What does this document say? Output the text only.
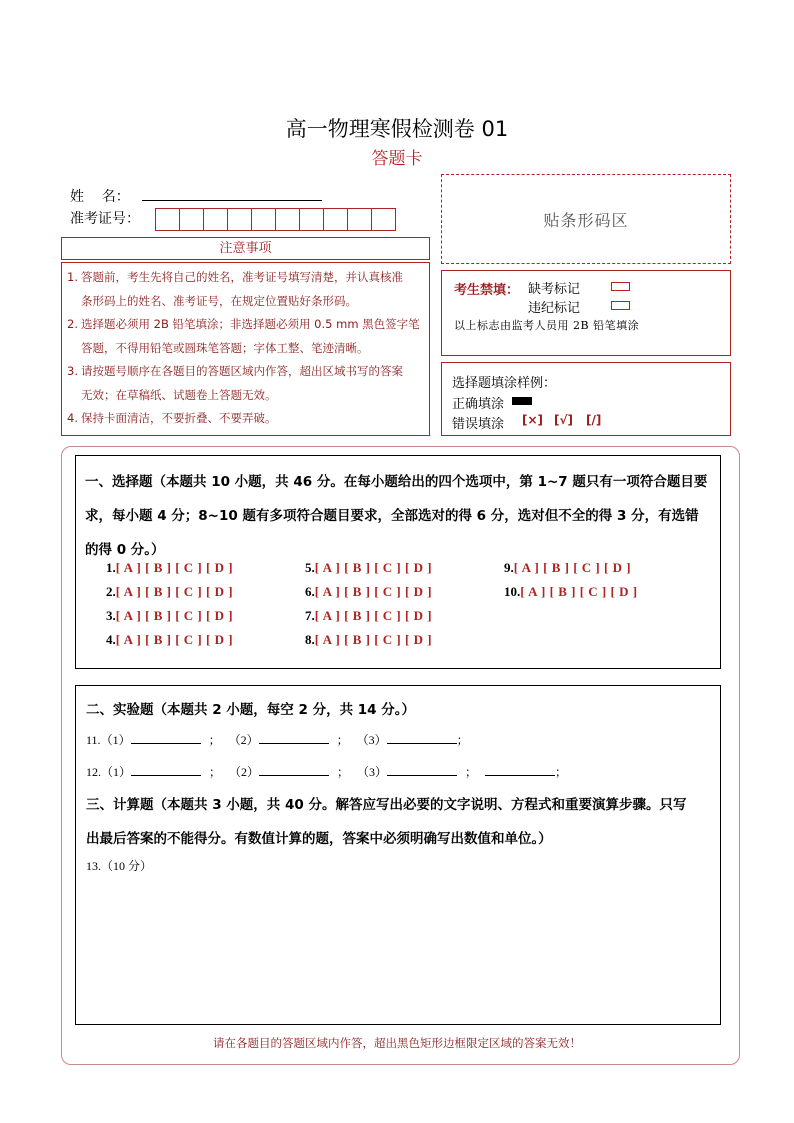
高一物理寒假检测卷 01
答题卡
姓    名：
准考证号：	贴条形码区
注意事项
1. 答题前，考生先将自己的姓名，准考证号填写清楚，并认真核准
条形码上的姓名、准考证号，在规定位置贴好条形码。
2. 选择题必须用 2B 铅笔填涂；非选择题必须用 0.5 mm 黑色签字笔
答题，不得用铅笔或圆珠笔答题；字体工整、笔迹清晰。
3. 请按题号顺序在各题目的答题区域内作答，超出区域书写的答案
无效；在草稿纸、试题卷上答题无效。
4. 保持卡面清洁，不要折叠、不要弄破。
考生禁填： 缺考标记
违纪标记
以上标志由监考人员用 2B 铅笔填涂
选择题填涂样例：
正确填涂
错误填涂 [×] [√] [/]
一、选择题（本题共 10 小题，共 46 分。在每小题给出的四个选项中，第 1~7 题只有一项符合题目要
求，每小题 4 分；8~10 题有多项符合题目要求，全部选对的得 6 分，选对但不全的得 3 分，有选错
的得 0 分。）
1.[ A ] [ B ] [ C ] [ D ]
2.[ A ] [ B ] [ C ] [ D ]
3.[ A ] [ B ] [ C ] [ D ]
4.[ A ] [ B ] [ C ] [ D ]
5.[ A ] [ B ] [ C ] [ D ]
6.[ A ] [ B ] [ C ] [ D ]
7.[ A ] [ B ] [ C ] [ D ]
8.[ A ] [ B ] [ C ] [ D ]
9.[ A ] [ B ] [ C ] [ D ]
10.[ A ] [ B ] [ C ] [ D ]
二、实验题（本题共 2 小题，每空 2 分，共 14 分。）
11.（1）	； （2）	； （3）	；
12.（1）	； （2）	； （3）	；	；
三、计算题（本题共 3 小题，共 40 分。解答应写出必要的文字说明、方程式和重要演算步骤。只写
出最后答案的不能得分。有数值计算的题，答案中必须明确写出数值和单位。）
13.（10 分）
请在各题目的答题区域内作答，超出黑色矩形边框限定区域的答案无效！
